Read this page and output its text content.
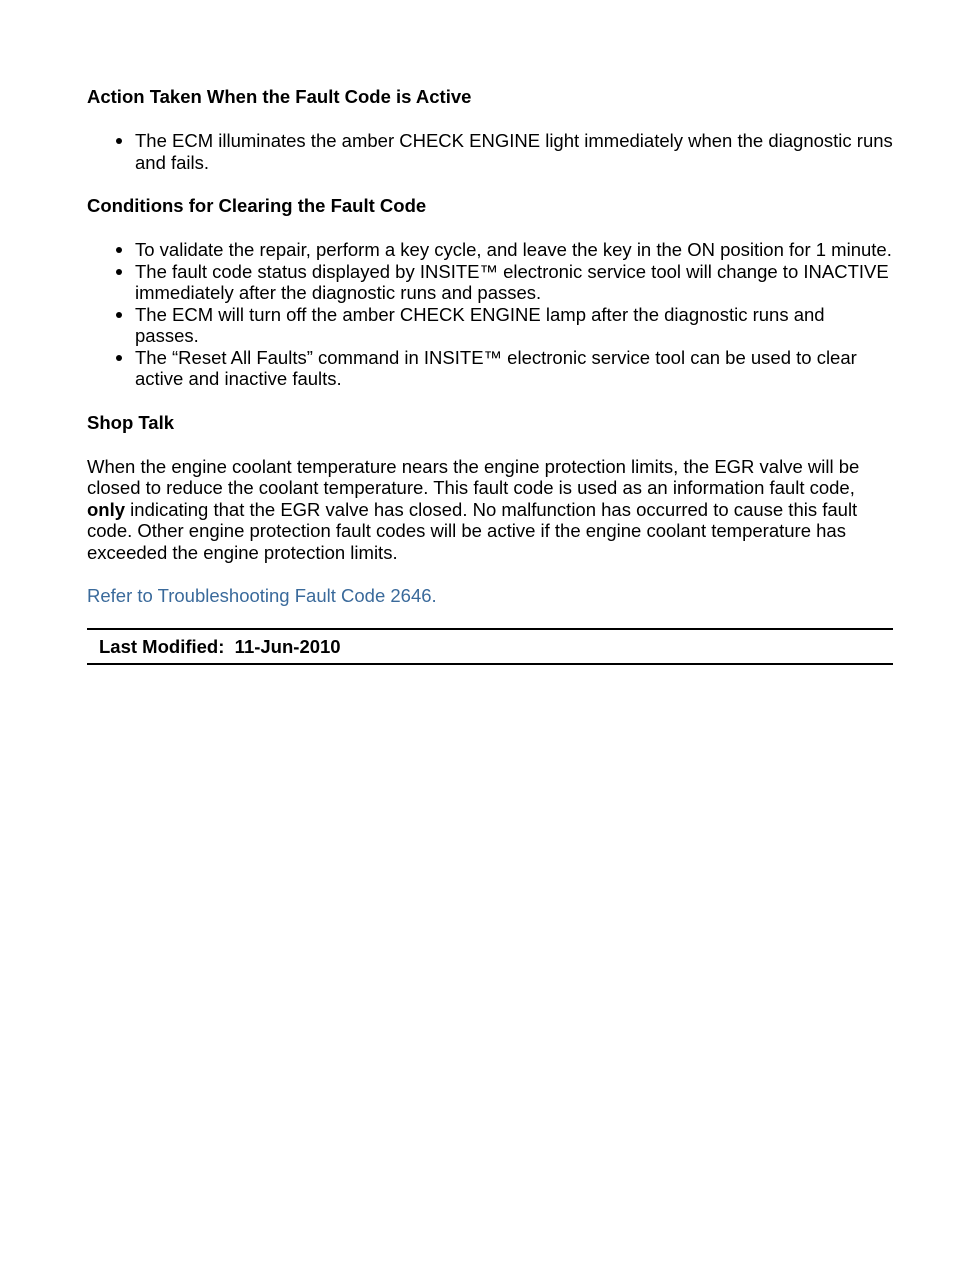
Action Taken When the Fault Code is Active
The ECM illuminates the amber CHECK ENGINE light immediately when the diagnostic runs and fails.
Conditions for Clearing the Fault Code
To validate the repair, perform a key cycle, and leave the key in the ON position for 1 minute.
The fault code status displayed by INSITE™ electronic service tool will change to INACTIVE immediately after the diagnostic runs and passes.
The ECM will turn off the amber CHECK ENGINE lamp after the diagnostic runs and passes.
The “Reset All Faults” command in INSITE™ electronic service tool can be used to clear active and inactive faults.
Shop Talk

When the engine coolant temperature nears the engine protection limits, the EGR valve will be closed to reduce the coolant temperature. This fault code is used as an information fault code, only indicating that the EGR valve has closed. No malfunction has occurred to cause this fault code. Other engine protection fault codes will be active if the engine coolant temperature has exceeded the engine protection limits.

Refer to Troubleshooting Fault Code 2646.

Last Modified: 11-Jun-2010
